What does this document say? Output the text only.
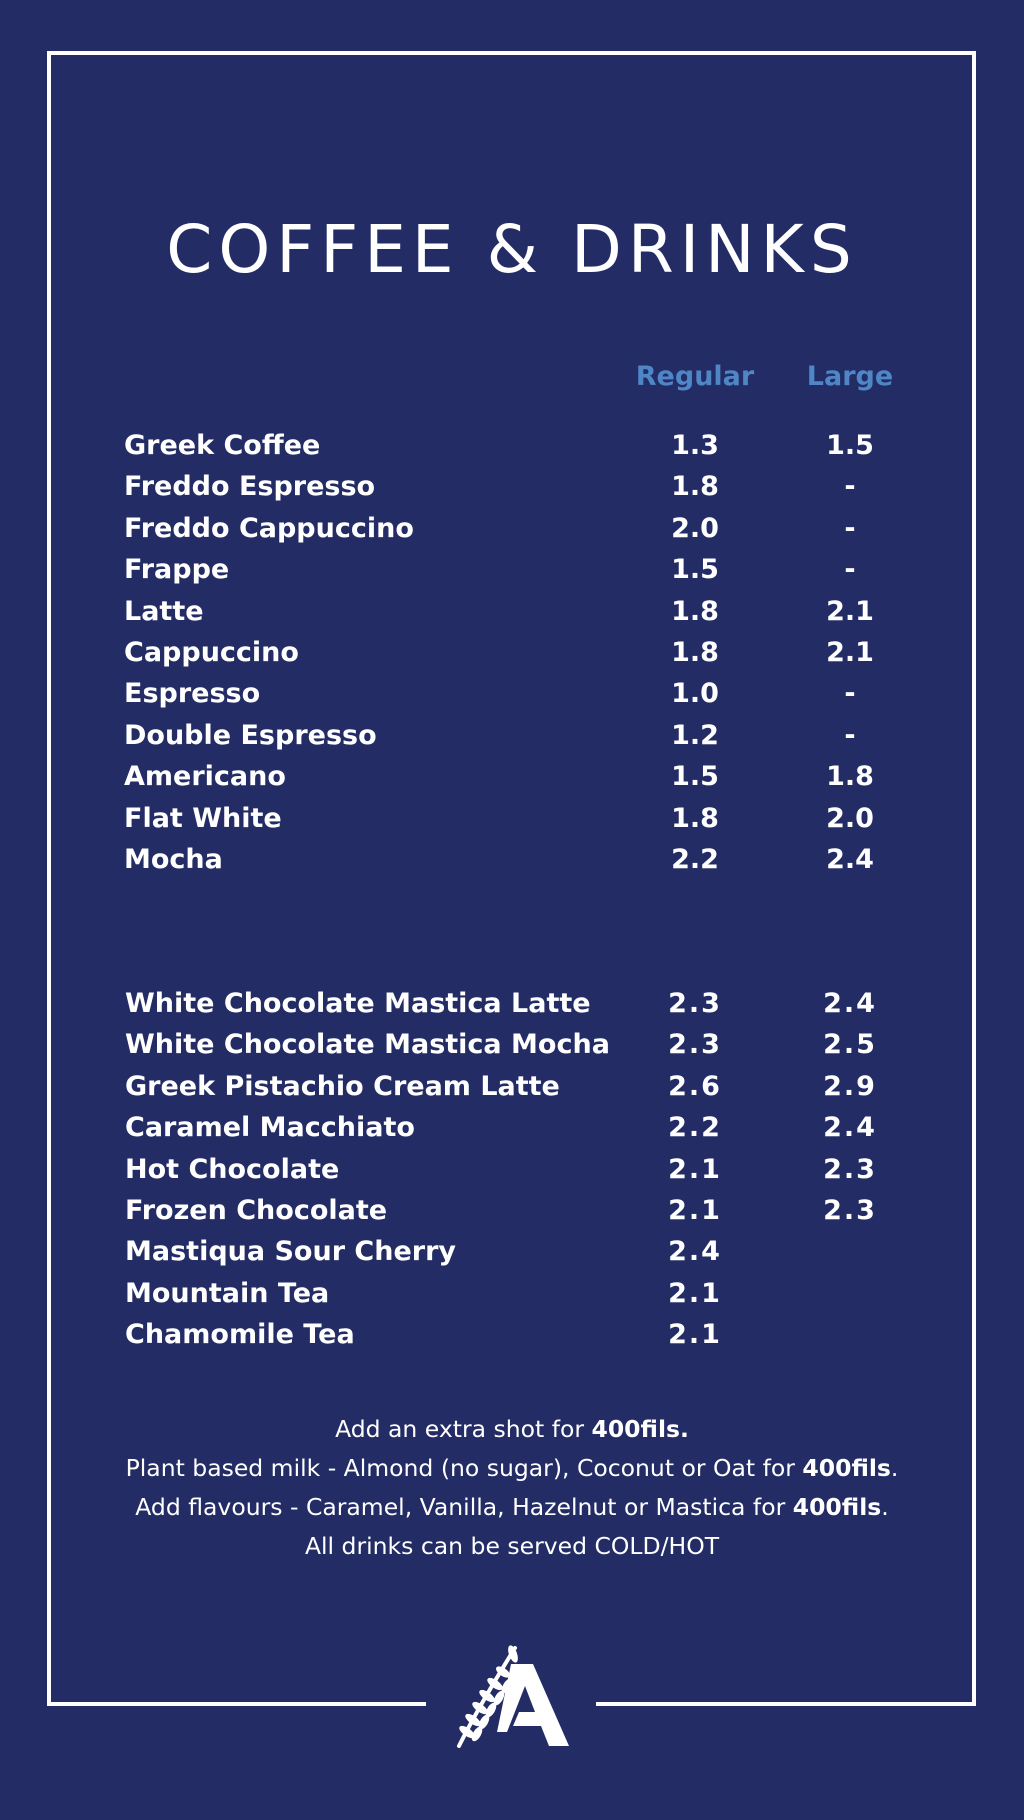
COFFEE & DRINKS
Regular	Large
Greek Coffee	1.3	1.5
Freddo Espresso	1.8	-
Freddo Cappuccino	2.0	-
Frappe	1.5	-
Latte	1.8	2.1
Cappuccino	1.8	2.1
Espresso	1.0	-
Double Espresso	1.2	-
Americano	1.5	1.8
Flat White	1.8	2.0
Mocha	2.2	2.4
White Chocolate Mastica Latte	2.3	2.4
White Chocolate Mastica Mocha	2.3	2.5
Greek Pistachio Cream Latte	2.6	2.9
Caramel Macchiato	2.2	2.4
Hot Chocolate	2.1	2.3
Frozen Chocolate	2.1	2.3
Mastiqua Sour Cherry	2.4
Mountain Tea	2.1
Chamomile Tea	2.1
Add an extra shot for 400fils.
Plant based milk - Almond (no sugar), Coconut or Oat for 400fils.
Add flavours - Caramel, Vanilla, Hazelnut or Mastica for 400fils.
All drinks can be served COLD/HOT
